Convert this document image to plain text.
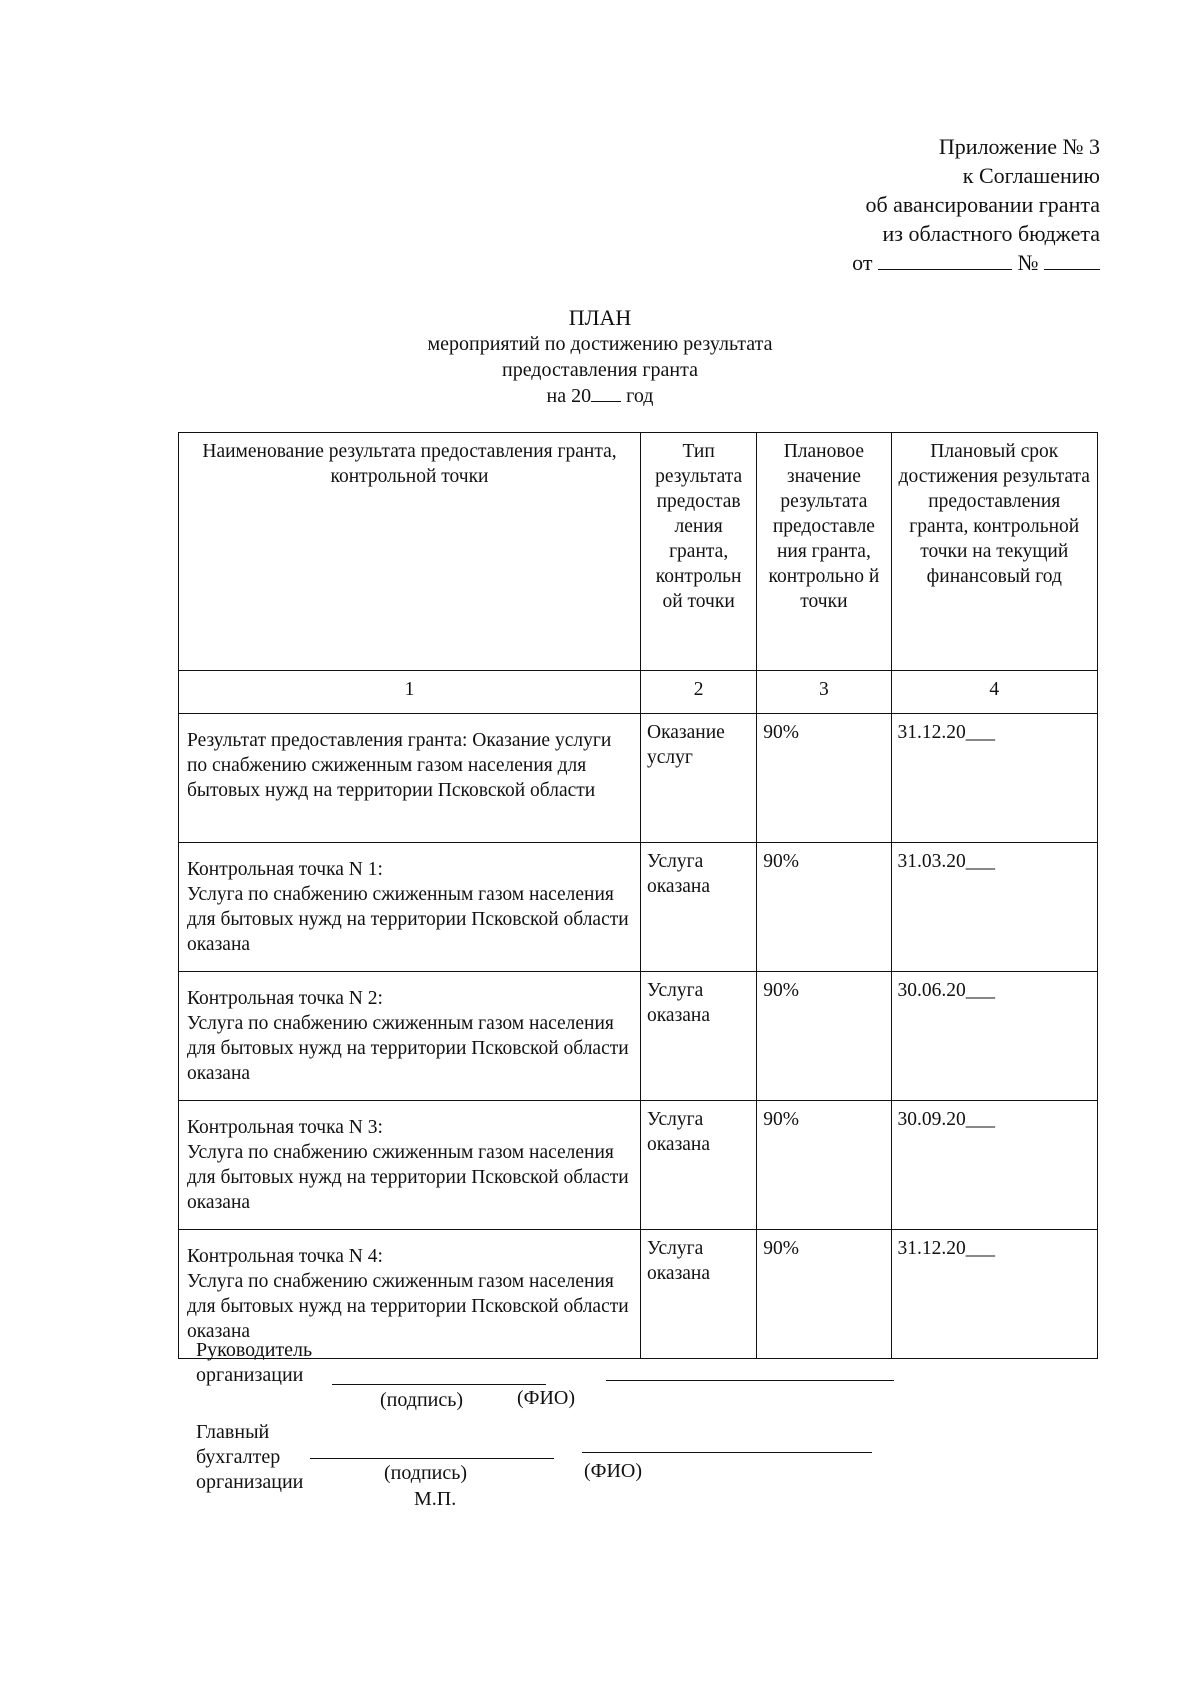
Приложение № 3
к Соглашению
об авансировании гранта
из областного бюджета
от	№
ПЛАН
мероприятий по достижению результата
предоставления гранта
на 20 год
Наименование результата предоставления гранта, контрольной точки	Тип результата предостав ления гранта, контрольн ой точки	Плановое значение результата предоставле ния гранта, контрольно й точки	Плановый срок достижения результата предоставления гранта, контрольной точки на текущий финансовый год
1	2	3	4
Результат предоставления гранта: Оказание услуги по снабжению сжиженным газом населения для бытовых нужд на территории Псковской области	Оказание услуг	90%	31.12.20___

Контрольная точка N 1:
Услуга по снабжению сжиженным газом населения для бытовых нужд на территории Псковской области оказана	Услуга оказана	90%	31.03.20___

Контрольная точка N 2:
Услуга по снабжению сжиженным газом населения для бытовых нужд на территории Псковской области оказана	Услуга оказана	90%	30.06.20___

Контрольная точка N 3:
Услуга по снабжению сжиженным газом населения для бытовых нужд на территории Псковской области оказана	Услуга оказана	90%	30.09.20___

Контрольная точка N 4:
Услуга по снабжению сжиженным газом населения для бытовых нужд на территории Псковской области оказана	Услуга оказана	90%	31.12.20___
Руководитель
организации
(подпись)	(ФИО)
Главный
бухгалтер
организации	(подпись)	(ФИО)
М.П.
